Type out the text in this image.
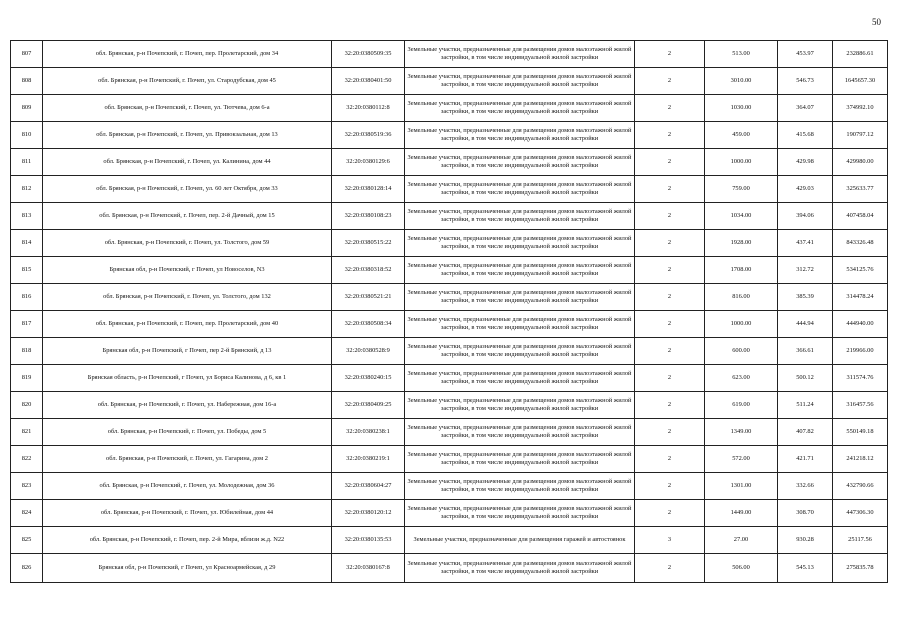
50
807	обл. Брянская, р-н Почепский, г. Почеп, пер. Пролетарский, дом 34	32:20:0380509:35	Земельные участки, предназначенные для размещения домов малоэтажной жилой застройки, в том числе индивидуальной жилой застройки	2	513.00	453.97	232886.61
808	обл. Брянская, р-н Почепский, г. Почеп, ул. Стародубская, дом 45	32:20:0380401:50	Земельные участки, предназначенные для размещения домов малоэтажной жилой застройки, в том числе индивидуальной жилой застройки	2	3010.00	546.73	1645657.30
809	обл. Брянская, р-н Почепский, г. Почеп, ул. Тютчева, дом 6-а	32:20:0380112:8	Земельные участки, предназначенные для размещения домов малоэтажной жилой застройки, в том числе индивидуальной жилой застройки	2	1030.00	364.07	374992.10
810	обл. Брянская, р-н Почепский, г. Почеп, ул. Привокзальная, дом 13	32:20:0380519:36	Земельные участки, предназначенные для размещения домов малоэтажной жилой застройки, в том числе индивидуальной жилой застройки	2	459.00	415.68	190797.12
811	обл. Брянская, р-н Почепский, г. Почеп, ул. Калинина, дом 44	32:20:0380129:6	Земельные участки, предназначенные для размещения домов малоэтажной жилой застройки, в том числе индивидуальной жилой застройки	2	1000.00	429.98	429980.00
812	обл. Брянская, р-н Почепский, г. Почеп, ул. 60 лет Октября, дом 33	32:20:0380128:14	Земельные участки, предназначенные для размещения домов малоэтажной жилой застройки, в том числе индивидуальной жилой застройки	2	759.00	429.03	325633.77
813	обл. Брянская, р-н Почепский, г. Почеп, пер. 2-й Дачный, дом 15	32:20:0380108:23	Земельные участки, предназначенные для размещения домов малоэтажной жилой застройки, в том числе индивидуальной жилой застройки	2	1034.00	394.06	407458.04
814	обл. Брянская, р-н Почепский, г. Почеп, ул. Толстого, дом 59	32:20:0380515:22	Земельные участки, предназначенные для размещения домов малоэтажной жилой застройки, в том числе индивидуальной жилой застройки	2	1928.00	437.41	843326.48
815	Брянская обл, р-н Почепский, г Почеп, ул Новоселов, N3	32:20:0380318:52	Земельные участки, предназначенные для размещения домов малоэтажной жилой застройки, в том числе индивидуальной жилой застройки	2	1708.00	312.72	534125.76
816	обл. Брянская, р-н Почепский, г. Почеп, ул. Толстого, дом 132	32:20:0380521:21	Земельные участки, предназначенные для размещения домов малоэтажной жилой застройки, в том числе индивидуальной жилой застройки	2	816.00	385.39	314478.24
817	обл. Брянская, р-н Почепский, г. Почеп, пер. Пролетарский, дом 40	32:20:0380508:34	Земельные участки, предназначенные для размещения домов малоэтажной жилой застройки, в том числе индивидуальной жилой застройки	2	1000.00	444.94	444940.00
818	Брянская обл, р-н Почепский, г Почеп, пер 2-й Брянский, д 13	32:20:0380528:9	Земельные участки, предназначенные для размещения домов малоэтажной жилой застройки, в том числе индивидуальной жилой застройки	2	600.00	366.61	219966.00
819	Брянская область, р-н Почепский, г Почеп, ул Бориса Калинова, д 6, кв 1	32:20:0380240:15	Земельные участки, предназначенные для размещения домов малоэтажной жилой застройки, в том числе индивидуальной жилой застройки	2	623.00	500.12	311574.76
820	обл. Брянская, р-н Почепский, г. Почеп, ул. Набережная, дом 16-а	32:20:0380409:25	Земельные участки, предназначенные для размещения домов малоэтажной жилой застройки, в том числе индивидуальной жилой застройки	2	619.00	511.24	316457.56
821	обл. Брянская, р-н Почепский, г. Почеп, ул. Победы, дом 5	32:20:0380238:1	Земельные участки, предназначенные для размещения домов малоэтажной жилой застройки, в том числе индивидуальной жилой застройки	2	1349.00	407.82	550149.18
822	обл. Брянская, р-н Почепский, г. Почеп, ул. Гагарина, дом 2	32:20:0380219:1	Земельные участки, предназначенные для размещения домов малоэтажной жилой застройки, в том числе индивидуальной жилой застройки	2	572.00	421.71	241218.12
823	обл. Брянская, р-н Почепский, г. Почеп, ул. Молодежная, дом 36	32:20:0380604:27	Земельные участки, предназначенные для размещения домов малоэтажной жилой застройки, в том числе индивидуальной жилой застройки	2	1301.00	332.66	432790.66
824	обл. Брянская, р-н Почепский, г. Почеп, ул. Юбилейная, дом 44	32:20:0380120:12	Земельные участки, предназначенные для размещения домов малоэтажной жилой застройки, в том числе индивидуальной жилой застройки	2	1449.00	308.70	447306.30
825	обл. Брянская, р-н Почепский, г. Почеп, пер. 2-й Мира, вблизи ж.д. N22	32:20:0380135:53	Земельные участки, предназначенные для размещения гаражей и автостоянок	3	27.00	930.28	25117.56
826	Брянская обл, р-н Почепский, г Почеп, ул Красноармейская, д 29	32:20:0380167:8	Земельные участки, предназначенные для размещения домов малоэтажной жилой застройки, в том числе индивидуальной жилой застройки	2	506.00	545.13	275835.78
